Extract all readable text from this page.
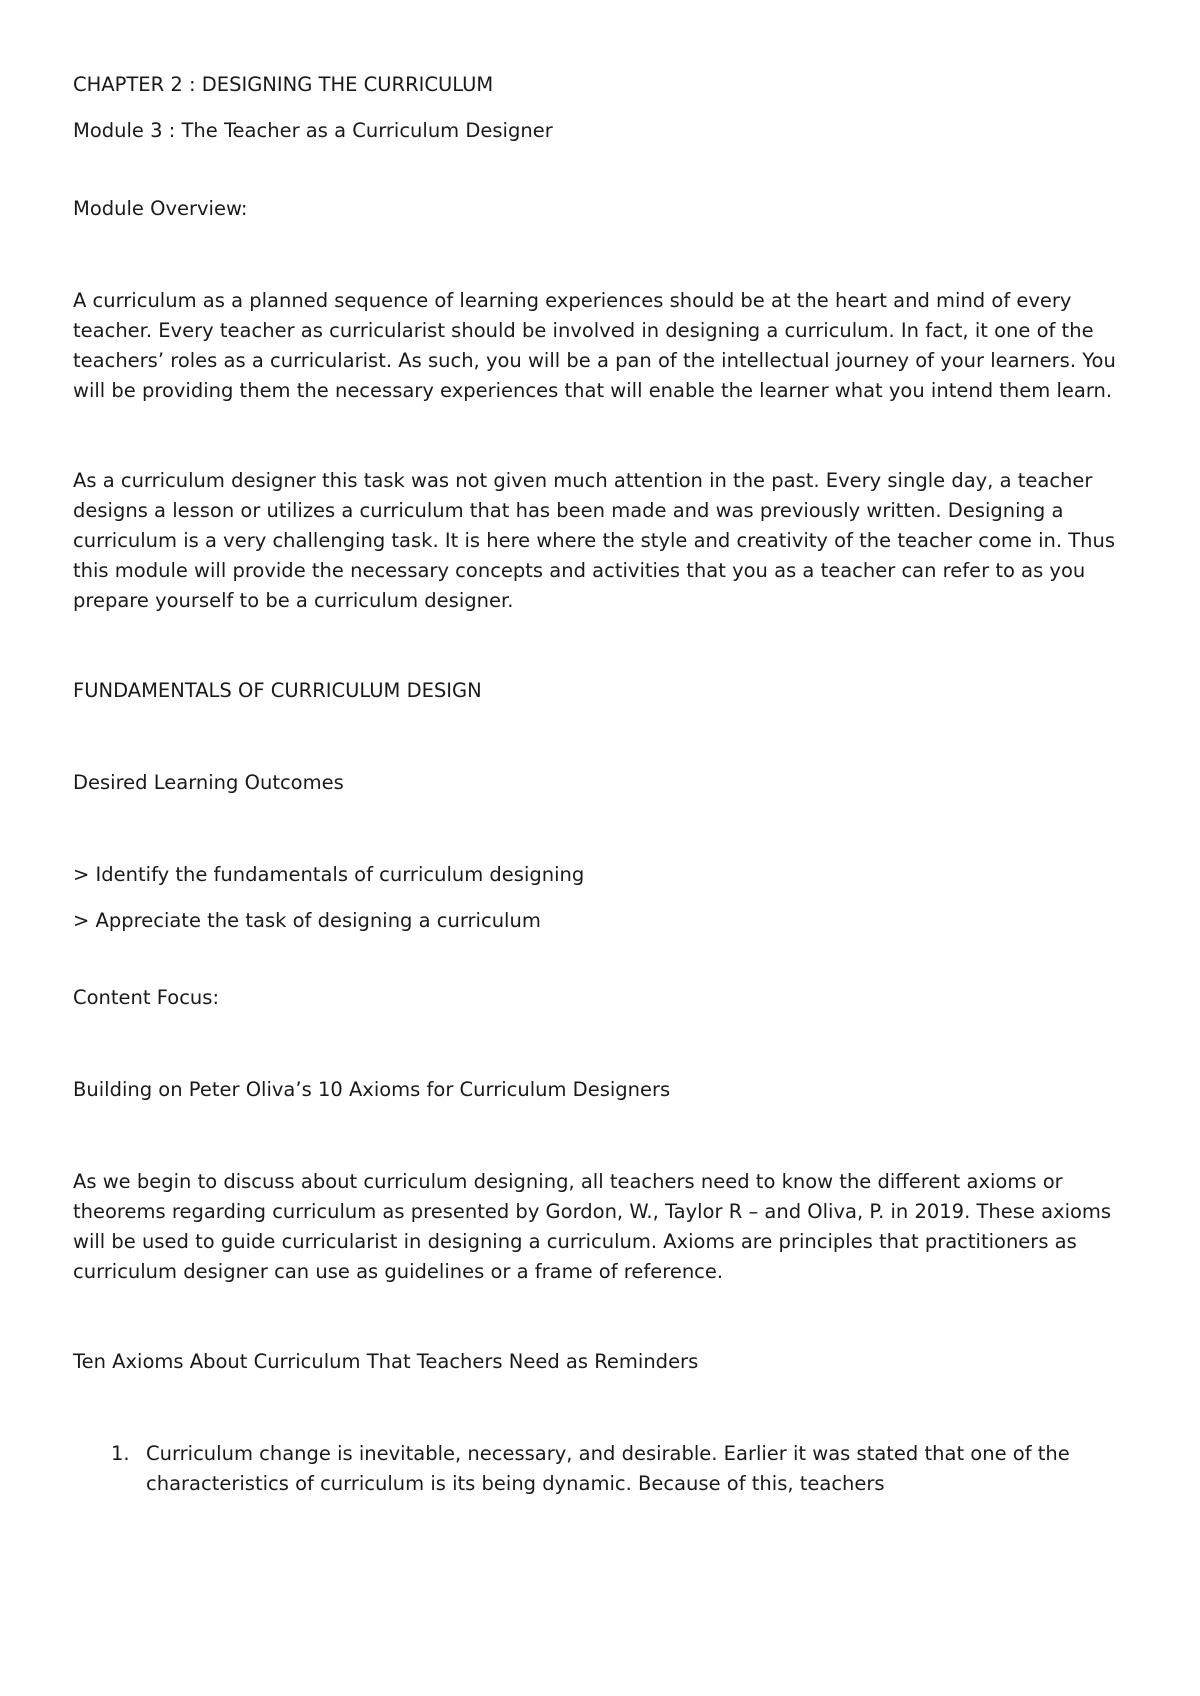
CHAPTER 2 : DESIGNING THE CURRICULUM

Module 3 : The Teacher as a Curriculum Designer

Module Overview:

A curriculum as a planned sequence of learning experiences should be at the heart and mind of every teacher. Every teacher as curricularist should be involved in designing a curriculum. In fact, it one of the teachers’ roles as a curricularist. As such, you will be a pan of the intellectual journey of your learners. You will be providing them the necessary experiences that will enable the learner what you intend them learn.

As a curriculum designer this task was not given much attention in the past. Every single day, a teacher designs a lesson or utilizes a curriculum that has been made and was previously written. Designing a curriculum is a very challenging task. It is here where the style and creativity of the teacher come in. Thus this module will provide the necessary concepts and activities that you as a teacher can refer to as you prepare yourself to be a curriculum designer.

FUNDAMENTALS OF CURRICULUM DESIGN

Desired Learning Outcomes

> Identify the fundamentals of curriculum designing

> Appreciate the task of designing a curriculum

Content Focus:

Building on Peter Oliva’s 10 Axioms for Curriculum Designers

As we begin to discuss about curriculum designing, all teachers need to know the different axioms or theorems regarding curriculum as presented by Gordon, W., Taylor R – and Oliva, P. in 2019. These axioms will be used to guide curricularist in designing a curriculum. Axioms are principles that practitioners as curriculum designer can use as guidelines or a frame of reference.

Ten Axioms About Curriculum That Teachers Need as Reminders

1. Curriculum change is inevitable, necessary, and desirable. Earlier it was stated that one of the characteristics of curriculum is its being dynamic. Because of this, teachers
